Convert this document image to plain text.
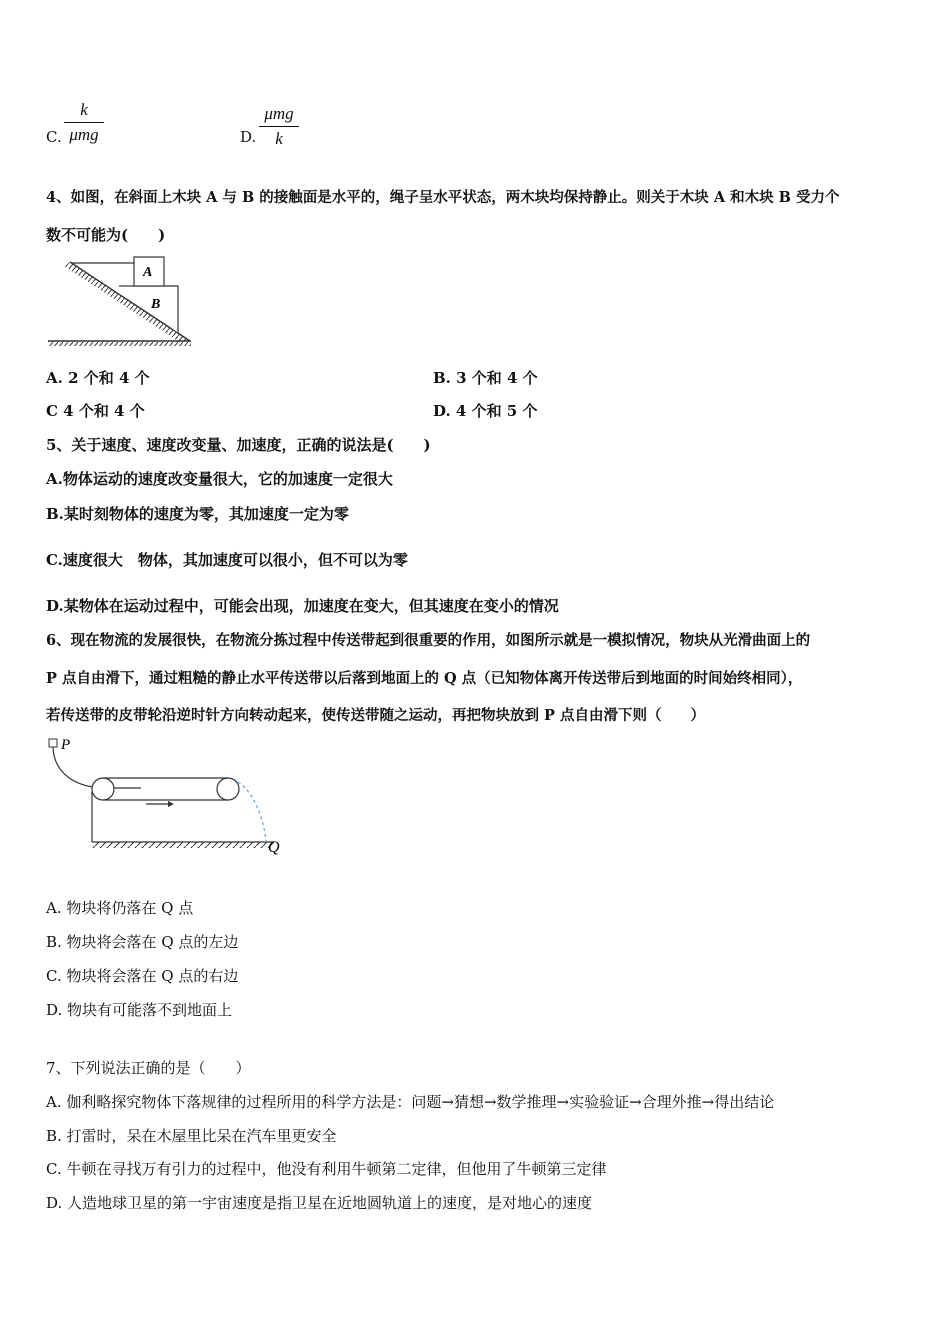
C.
k
μmg	D.
μmg
k
4、如图，在斜面上木块 A 与 B 的接触面是水平的，绳子呈水平状态，两木块均保持静止。则关于木块 A 和木块 B 受力个
数不可能为(　　)
A
B
A. 2 个和 4 个	B. 3 个和 4 个
C 4 个和 4 个	D. 4 个和 5 个
5、关于速度、速度改变量、加速度，正确的说法是(　　)
A.物体运动的速度改变量很大，它的加速度一定很大
B.某时刻物体的速度为零，其加速度一定为零
C.速度很大　物体，其加速度可以很小，但不可以为零
D.某物体在运动过程中，可能会出现，加速度在变大，但其速度在变小的情况
6、现在物流的发展很快，在物流分拣过程中传送带起到很重要的作用，如图所示就是一模拟情况，物块从光滑曲面上的
P 点自由滑下，通过粗糙的静止水平传送带以后落到地面上的 Q 点（已知物体离开传送带后到地面的时间始终相同），
若传送带的皮带轮沿逆时针方向转动起来，使传送带随之运动，再把物块放到 P 点自由滑下则（　　）
P
Q
A. 物块将仍落在 Q 点
B. 物块将会落在 Q 点的左边
C. 物块将会落在 Q 点的右边
D. 物块有可能落不到地面上
7、下列说法正确的是（　　）
A. 伽利略探究物体下落规律的过程所用的科学方法是：问题→猜想→数学推理→实验验证→合理外推→得出结论
B. 打雷时，呆在木屋里比呆在汽车里更安全
C. 牛顿在寻找万有引力的过程中，他没有利用牛顿第二定律，但他用了牛顿第三定律
D. 人造地球卫星的第一宇宙速度是指卫星在近地圆轨道上的速度，是对地心的速度
